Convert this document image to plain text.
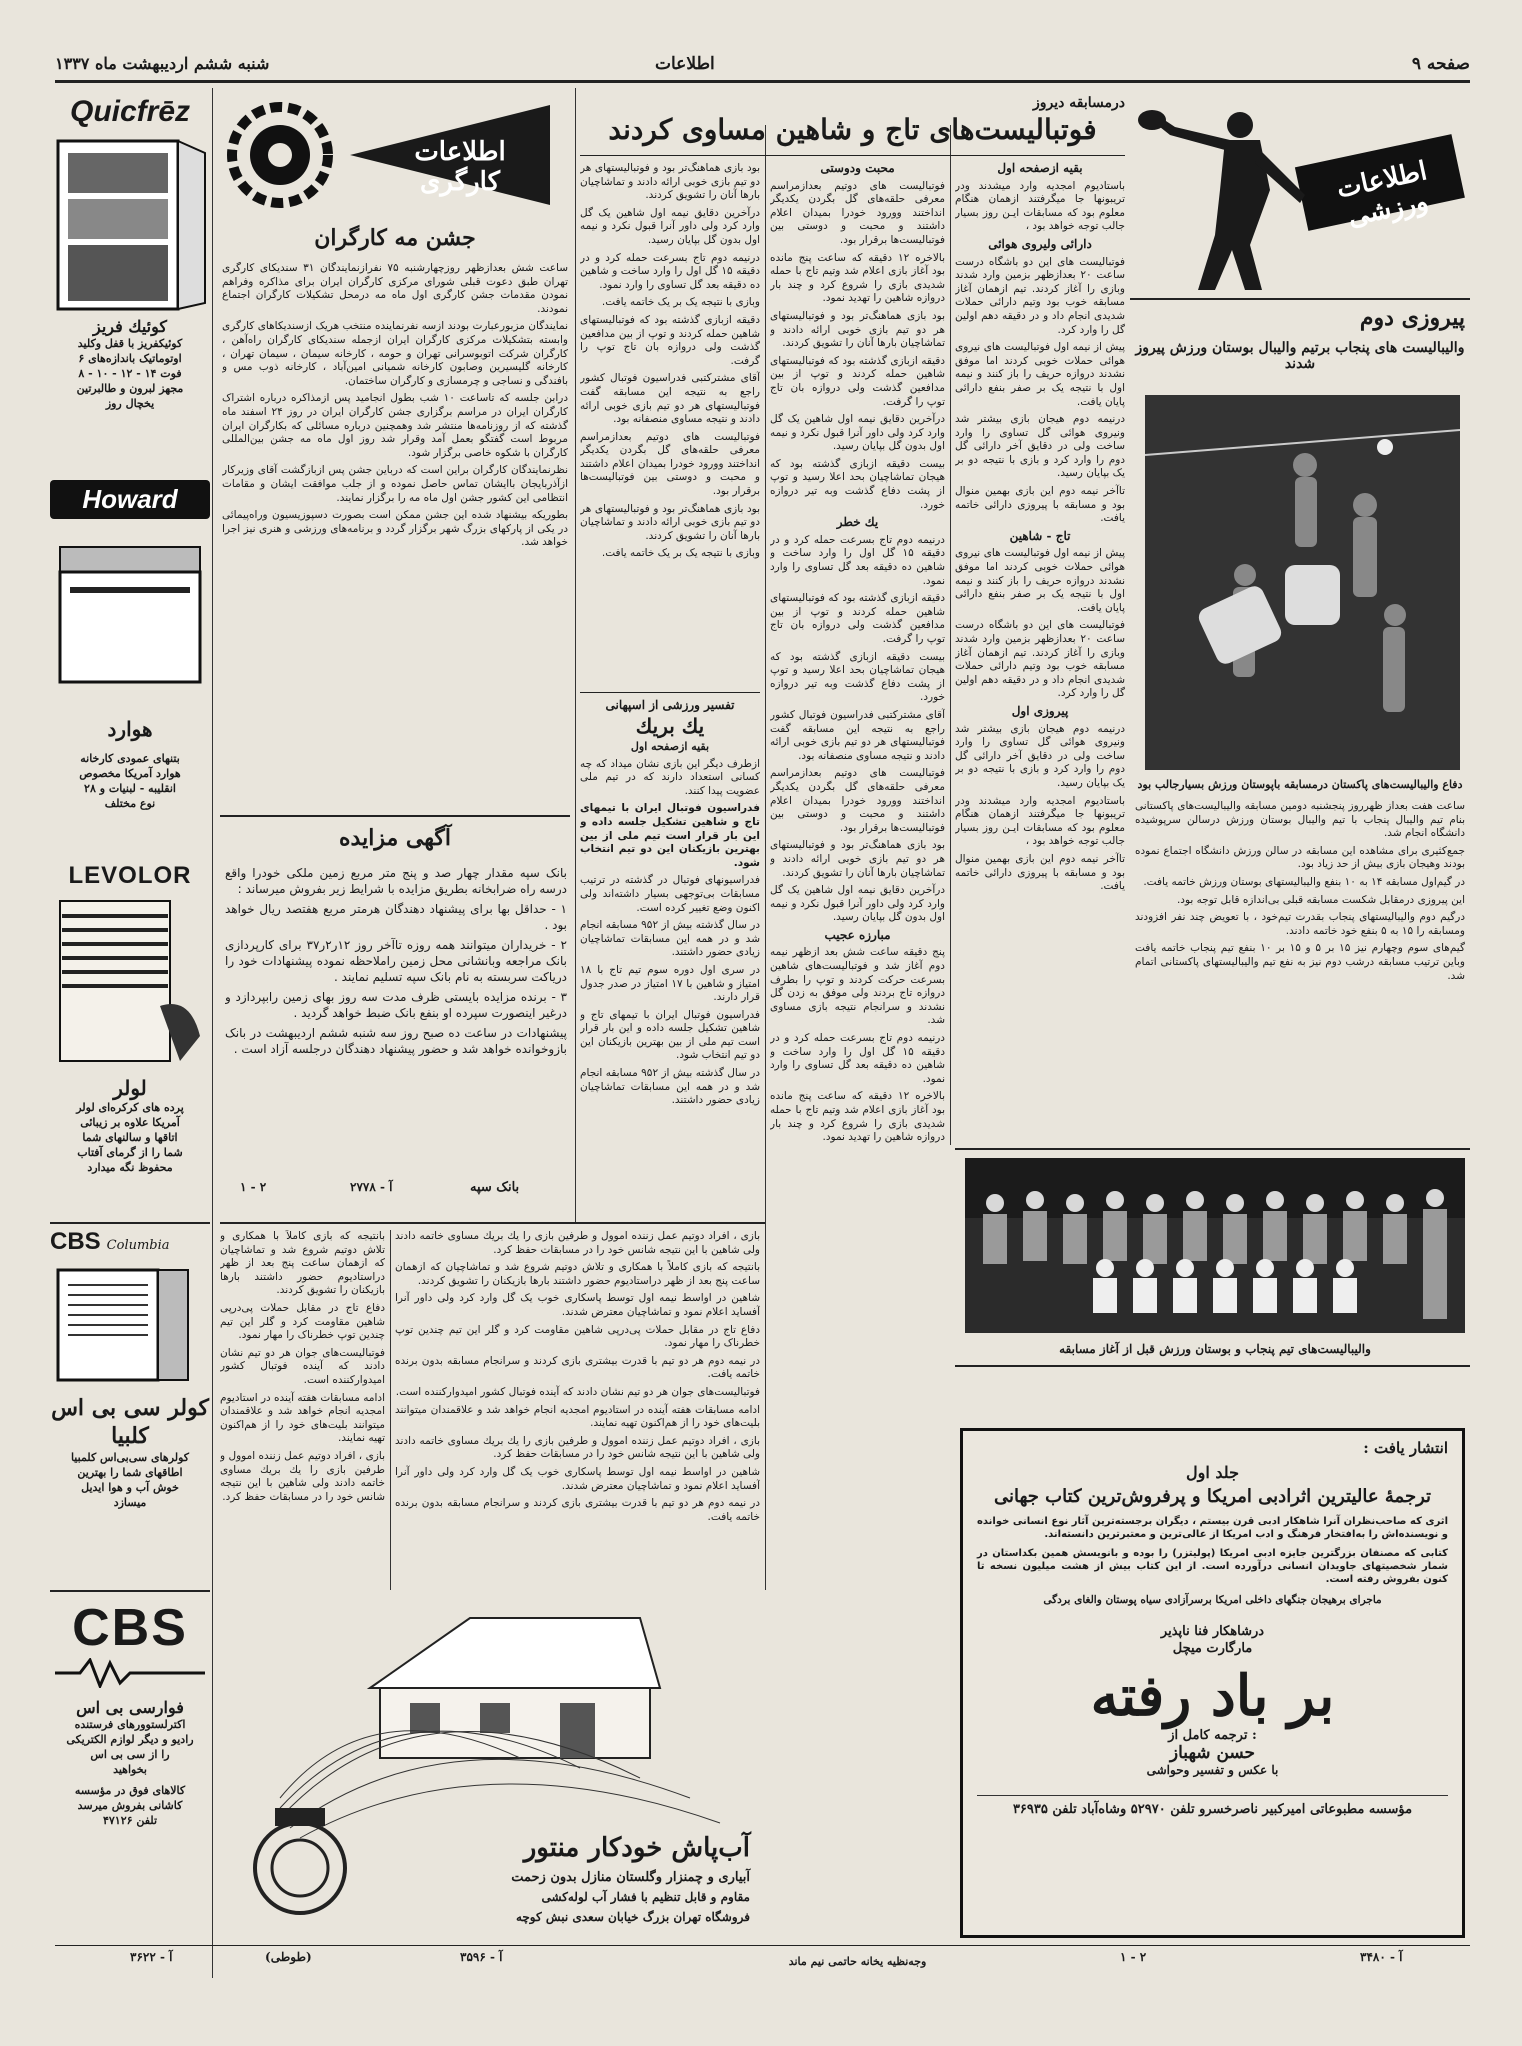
صفحه ۹
اطلاعات
شنبه ششم اردیبهشت ماه ۱۳۳۷
اطلاعات ورزشی
درمسابقه دیروز
فوتبالیست‌های تاج و شاهین مساوی کردند
بقیه ازصفحه اول

باستادیوم امجدیه وارد میشدند ودر تریبونها جا میگرفتند ازهمان هنگام معلوم بود که مسابقات ایـن روز بسیار جالب توجه خواهد بود ،

دارائی ولیروی هوائی

فوتبالیست های این دو باشگاه درست ساعت ۲۰ بعدازظهر بزمین وارد شدند وبازی را آغاز کردند. تیم ازهمان آغاز مسابقه خوب بود وتیم دارائی حملات شدیدی انجام داد و در دقیقه دهم اولین گل را وارد کرد.

پیش از نیمه اول فوتبالیست های نیروی هوائی حملات خوبی کردند اما موفق نشدند دروازه حریف را باز کنند و نیمه اول با نتیجه یک بر صفر بنفع دارائی پایان یافت.

درنیمه دوم هیجان بازی بیشتر شد ونیروی هوائی گل تساوی را وارد ساخت ولی در دقایق آخر دارائی گل دوم را وارد کرد و بازی با نتیجه دو بر یک بپایان رسید.

تاآخر نیمه دوم این بازی بهمین منوال بود و مسابقه با پیروزی دارائی خاتمه یافت.

تاج - شاهین

پیش از نیمه اول فوتبالیست های نیروی هوائی حملات خوبی کردند اما موفق نشدند دروازه حریف را باز کنند و نیمه اول با نتیجه یک بر صفر بنفع دارائی پایان یافت.

فوتبالیست های این دو باشگاه درست ساعت ۲۰ بعدازظهر بزمین وارد شدند وبازی را آغاز کردند. تیم ازهمان آغاز مسابقه خوب بود وتیم دارائی حملات شدیدی انجام داد و در دقیقه دهم اولین گل را وارد کرد.

پیروزی اول

درنیمه دوم هیجان بازی بیشتر شد ونیروی هوائی گل تساوی را وارد ساخت ولی در دقایق آخر دارائی گل دوم را وارد کرد و بازی با نتیجه دو بر یک بپایان رسید.

باستادیوم امجدیه وارد میشدند ودر تریبونها جا میگرفتند ازهمان هنگام معلوم بود که مسابقات ایـن روز بسیار جالب توجه خواهد بود ،

تاآخر نیمه دوم این بازی بهمین منوال بود و مسابقه با پیروزی دارائی خاتمه یافت.

محبت ودوستی

فوتبالیست های دوتیم بعدازمراسم معرفی حلقه‌های گل بگردن یکدیگر انداختند وورود خودرا بمیدان اعلام داشتند و محبت و دوستی بین فوتبالیست‌ها برقرار بود.

بالاخره ۱۲ دقیقه که ساعت پنج مانده بود آغاز بازی اعلام شد وتیم تاج با حمله شدیدی بازی را شروع کرد و چند بار دروازه شاهین را تهدید نمود.

بود بازی هماهنگ‌تر بود و فوتبالیستهای هر دو تیم بازی خوبی ارائه دادند و تماشاچیان بارها آنان را تشویق کردند.

دقیقه ازبازی گذشته بود که فوتبالیستهای شاهین حمله کردند و توپ از بین مدافعین گذشت ولی دروازه بان تاج توپ را گرفت.

درآخرین دقایق نیمه اول شاهین یک گل وارد کرد ولی داور آنرا قبول نکرد و نیمه اول بدون گل بپایان رسید.

بیست دقیقه ازبازی گذشته بود که هیجان تماشاچیان بحد اعلا رسید و توپ از پشت دفاع گذشت وبه تیر دروازه خورد.

یك خطر

درنیمه دوم تاج بسرعت حمله کرد و در دقیقه ۱۵ گل اول را وارد ساخت و شاهین ده دقیقه بعد گل تساوی را وارد نمود.

دقیقه ازبازی گذشته بود که فوتبالیستهای شاهین حمله کردند و توپ از بین مدافعین گذشت ولی دروازه بان تاج توپ را گرفت.

بیست دقیقه ازبازی گذشته بود که هیجان تماشاچیان بحد اعلا رسید و توپ از پشت دفاع گذشت وبه تیر دروازه خورد.

آقای مشترکتبی فدراسیون فوتبال کشور راجع به نتیجه این مسابقه گفت فوتبالیستهای هر دو تیم بازی خوبی ارائه دادند و نتیجه مساوی منصفانه بود.

فوتبالیست های دوتیم بعدازمراسم معرفی حلقه‌های گل بگردن یکدیگر انداختند وورود خودرا بمیدان اعلام داشتند و محبت و دوستی بین فوتبالیست‌ها برقرار بود.

بود بازی هماهنگ‌تر بود و فوتبالیستهای هر دو تیم بازی خوبی ارائه دادند و تماشاچیان بارها آنان را تشویق کردند.

درآخرین دقایق نیمه اول شاهین یک گل وارد کرد ولی داور آنرا قبول نکرد و نیمه اول بدون گل بپایان رسید.

مبارزه عجیب

پنج دقیقه ساعت شش بعد ازظهر نیمه دوم آغاز شد و فوتبالیست‌های شاهین بسرعت حرکت کردند و توپ را بطرف دروازه تاج بردند ولی موفق به زدن گل نشدند و سرانجام نتیجه بازی مساوی شد.

درنیمه دوم تاج بسرعت حمله کرد و در دقیقه ۱۵ گل اول را وارد ساخت و شاهین ده دقیقه بعد گل تساوی را وارد نمود.

بالاخره ۱۲ دقیقه که ساعت پنج مانده بود آغاز بازی اعلام شد وتیم تاج با حمله شدیدی بازی را شروع کرد و چند بار دروازه شاهین را تهدید نمود.

بود بازی هماهنگ‌تر بود و فوتبالیستهای هر دو تیم بازی خوبی ارائه دادند و تماشاچیان بارها آنان را تشویق کردند.

درآخرین دقایق نیمه اول شاهین یک گل وارد کرد ولی داور آنرا قبول نکرد و نیمه اول بدون گل بپایان رسید.

درنیمه دوم تاج بسرعت حمله کرد و در دقیقه ۱۵ گل اول را وارد ساخت و شاهین ده دقیقه بعد گل تساوی را وارد نمود.

وبازی با نتیجه یک بر یک خاتمه یافت.

دقیقه ازبازی گذشته بود که فوتبالیستهای شاهین حمله کردند و توپ از بین مدافعین گذشت ولی دروازه بان تاج توپ را گرفت.

آقای مشترکتبی فدراسیون فوتبال کشور راجع به نتیجه این مسابقه گفت فوتبالیستهای هر دو تیم بازی خوبی ارائه دادند و نتیجه مساوی منصفانه بود.

فوتبالیست های دوتیم بعدازمراسم معرفی حلقه‌های گل بگردن یکدیگر انداختند وورود خودرا بمیدان اعلام داشتند و محبت و دوستی بین فوتبالیست‌ها برقرار بود.

بود بازی هماهنگ‌تر بود و فوتبالیستهای هر دو تیم بازی خوبی ارائه دادند و تماشاچیان بارها آنان را تشویق کردند.

وبازی با نتیجه یک بر یک خاتمه یافت.

تفسیر ورزشی از اسپهانی
یك بریك
بقیه ازصفحه اول

ازطرف دیگر این بازی نشان میداد که چه کسانی استعداد دارند که در تیم ملی عضویت پیدا کنند.

فدراسیون فوتبال ایران با تیمهای تاج و شاهین تشکیل جلسه داده و این بار قرار است تیم ملی از بین بهترین بازیکنان این دو تیم انتخاب شود.

فدراسیونهای فوتبال در گذشته در ترتیب مسابقات بی‌توجهی بسیار داشته‌اند ولی اکنون وضع تغییر کرده است.

در سال گذشته بیش از ۹۵۲ مسابقه انجام شد و در همه این مسابقات تماشاچیان زیادی حضور داشتند.

در سری اول دوره سوم تیم تاج با ۱۸ امتیاز و شاهین با ۱۷ امتیاز در صدر جدول قرار دارند.

فدراسیون فوتبال ایران با تیمهای تاج و شاهین تشکیل جلسه داده و این بار قرار است تیم ملی از بین بهترین بازیکنان این دو تیم انتخاب شود.

در سال گذشته بیش از ۹۵۲ مسابقه انجام شد و در همه این مسابقات تماشاچیان زیادی حضور داشتند.

پیروزی دوم
والیبالیست های پنجاب برتیم والیبال بوستان ورزش پیروز شدند
دفاع والیبالیست‌های پاکستان درمسابقه باپوستان ورزش بسیارجالب بود

ساعت هفت بعداز ظهرروز پنجشنبه دومین مسابقه والیبالیست‌های پاکستانی بنام تیم والیبال پنجاب با تیم والیبال بوستان ورزش درسالن سرپوشیده دانشگاه انجام شد.

جمع‌کثیری برای مشاهده این مسابقه در سالن ورزش دانشگاه اجتماع نموده بودند وهیجان بازی بیش از حد زیاد بود.

در گیم‌اول مسابقه ۱۴ به ۱۰ بنفع والیبالیستهای بوستان ورزش خاتمه یافت.

این پیروزی درمقابل شکست مسابقه قبلی بی‌اندازه قابل توجه بود.

درگیم دوم والیبالیستهای پنجاب بقدرت تیم‌خود ، با تعویض چند نفر افزودند ومسابقه را ۱۵ به ۵ بنفع خود خاتمه دادند.

گیم‌های سوم وچهارم نیز ۱۵ بر ۵ و ۱۵ بر ۱۰ بنفع تیم پنجاب خاتمه یافت وباین ترتیب مسابقه درشب دوم نیز به نفع تیم والیبالیستهای پاکستانی اتمام شد.

والیبالیست‌های تیم پنجاب و بوستان ورزش قبل از آغاز مسابقه
انتشار یافت :
جلد اول
ترجمهٔ عالیترین اثرادبی امریکا و پرفروش‌ترین کتاب جهانی
اثری که صاحب‌نظران آنرا شاهکار ادبی قرن بیستم ، دیگران برجسته‌ترین آثار نوع انسانی خوانده و نویسنده‌اش را به‌افتخار فرهنگ و ادب امریکا از عالی‌ترین و معتبرترین دانسته‌اند.
کتابی که مصنفان بزرگترین جایزه ادبی امریکا (پولیتزر) را بوده و بانویسش همین بکداستان در شمار شخصیتهای جاویدان انسانی درآورده است. از این کتاب بیش از هشت میلیون نسخه تا کنون بفروش رفته است.
ماجرای برهیجان جنگهای داخلی امریکا برسرآزادی سیاه پوستان والغای بردگی
درشاهکار فنا ناپذیر
مارگارت میچل
بر باد رفته
ترجمه کامل از :
حسن شهباز
با عکس و تفسیر وحواشی
مؤسسه مطبوعاتی امیرکبیر ناصرخسرو تلفن ۵۲۹۷۰ وشاه‌آباد تلفن ۳۶۹۳۵
آ - ۳۴۸۰
۱ - ۲
اطلاعات کارگری
جشن مه کارگران

ساعت شش بعدازظهر روزچهارشنبه ۷۵ نفرازنمایندگان ۳۱ سندیکای کارگری تهران طبق دعوت قبلی شورای مرکزی کارگران ایران برای مذاکره وفراهم نمودن مقدمات جشن کارگری اول ماه مه درمحل تشکیلات کارگران اجتماع نمودند.

نمایندگان مزبورعبارت بودند ازسه نفرنماینده منتخب هریک ازسندیکاهای کارگری وابسته بتشکیلات مرکزی کارگران ایران ازجمله سندیکای کارگران راه‌آهن ، کارگران شرکت اتوبوسرانی تهران و حومه ، کارخانه سیمان ، سیمان تهران ، کارخانه گلیسیرین وصابون کارخانه شمیانی امین‌آباد ، کارخانه ذوب مس و بافندگی و نساجی و چرمسازی و کارگران ساختمان.

درابن جلسه که تاساعت ۱۰ شب بطول انجامید پس ازمذاکره درباره اشتراک کارگران ایران در مراسم برگزاری جشن کارگران ایران در روز ۲۴ اسفند ماه گذشته که از روزنامه‌ها منتشر شد وهمچنین درباره مسائلی که بکارگران ایران مربوط است گفتگو بعمل آمد وقرار شد روز اول ماه مه جشن بین‌المللی کارگران با شکوه خاصی برگزار شود.

نظرنمایندگان کارگران براین است که درباین جشن پس ازبازگشت آقای وزیرکار ازآذربایجان باایشان تماس حاصل نموده و از جلب موافقت ایشان و مقامات انتظامی این کشور جشن اول ماه مه را برگزار نمایند.

بطوریکه بیشنهاد شده این جشن ممکن است بصورت دسپوزیسیون وراه‌پیمائی در یکی از پارکهای بزرگ شهر برگزار گردد و برنامه‌های ورزشی و هنری نیز اجرا خواهد شد.

آگهی مزایده

بانک سپه مقدار چهار صد و پنج متر مربع زمین ملکی خودرا واقع درسه راه ضرابخانه بطریق مزایده با شرایط زیر بفروش میرساند :

۱ - حداقل بها برای پیشنهاد دهندگان هرمتر مربع هفتصد ریال خواهد بود .

۲ - خریداران میتوانند همه روزه تاآخر روز ۱۲ر۲ر۳۷ برای کارپردازی بانک مراجعه وبانشانی محل زمین راملاحظه نموده پیشنهادات خود را دریاکت سربسته به نام بانک سپه تسلیم نمایند .

۳ - برنده مزایده بایستی ظرف مدت سه روز بهای زمین رابپردازد و درغیر اینصورت سپرده او بنفع بانک ضبط خواهد گردید .

پیشنهادات در ساعت ده صبح روز سه شنبه ششم اردیبهشت در بانک بازوخوانده خواهد شد و حضور پیشنهاد دهندگان درجلسه آزاد است .

۱ - ۲	آ - ۲۷۷۸	بانک سپه

بازی ، افراد دوتیم عمل زننده اموول و طرفین بازی را یك بریك مساوی خاتمه دادند ولی شاهین با این نتیجه شانس خود را در مسابقات حفظ کرد.

بانتیجه که بازی کاملاً با همکاری و تلاش دوتیم شروع شد و تماشاچیان که ازهمان ساعت پنج بعد از ظهر دراستادیوم حضور داشتند بارها بازیکنان را تشویق کردند.

شاهین در اواسط نیمه اول توسط پاسکاری خوب یک گل وارد کرد ولی داور آنرا آفساید اعلام نمود و تماشاچیان معترض شدند.

دفاع تاج در مقابل حملات پی‌درپی شاهین مقاومت کرد و گلر این تیم چندین توپ خطرناک را مهار نمود.

در نیمه دوم هر دو تیم با قدرت بیشتری بازی کردند و سرانجام مسابقه بدون برنده خاتمه یافت.

فوتبالیست‌های جوان هر دو تیم نشان دادند که آینده فوتبال کشور امیدوارکننده است.

ادامه مسابقات هفته آینده در استادیوم امجدیه انجام خواهد شد و علاقمندان میتوانند بلیت‌های خود را از هم‌اکنون تهیه نمایند.

بازی ، افراد دوتیم عمل زننده اموول و طرفین بازی را یك بریك مساوی خاتمه دادند ولی شاهین با این نتیجه شانس خود را در مسابقات حفظ کرد.

شاهین در اواسط نیمه اول توسط پاسکاری خوب یک گل وارد کرد ولی داور آنرا آفساید اعلام نمود و تماشاچیان معترض شدند.

در نیمه دوم هر دو تیم با قدرت بیشتری بازی کردند و سرانجام مسابقه بدون برنده خاتمه یافت.

بانتیجه که بازی کاملاً با همکاری و تلاش دوتیم شروع شد و تماشاچیان که ازهمان ساعت پنج بعد از ظهر دراستادیوم حضور داشتند بارها بازیکنان را تشویق کردند.

دفاع تاج در مقابل حملات پی‌درپی شاهین مقاومت کرد و گلر این تیم چندین توپ خطرناک را مهار نمود.

فوتبالیست‌های جوان هر دو تیم نشان دادند که آینده فوتبال کشور امیدوارکننده است.

ادامه مسابقات هفته آینده در استادیوم امجدیه انجام خواهد شد و علاقمندان میتوانند بلیت‌های خود را از هم‌اکنون تهیه نمایند.

بازی ، افراد دوتیم عمل زننده اموول و طرفین بازی را یك بریك مساوی خاتمه دادند ولی شاهین با این نتیجه شانس خود را در مسابقات حفظ کرد.

وجه‌نظیه‌ یخانه حاتمی نیم ماند
آب‌پاش خودکار منتور
آبیاری و چمنزار وگلستان منازل بدون زحمت
مقاوم و قابل تنظیم با فشار آب لوله‌کشی
فروشگاه تهران بزرگ خیابان سعدی نبش کوچه
آ - ۳۵۹۶
(طوطی)
Quicfrēz
کوئیك فریز
کوئیکفریز با قفل وکلید
اوتوماتیک باندازه‌های ۶
۸ - ۱۰ - ۱۲ - ۱۴ فوت
مجهز لبرون و طالبرتین
یخچال روز
Howard
هوارد
بتنهای عمودی کارخانه
هوارد آمریکا مخصوص
انقلیبه - لبنیات و ۲۸
نوع مختلف
LEVOLOR
لولر
پرده های کرکره‌ای لولر
آمریکا علاوه بر زیبائی
اتاقها و سالنهای شما
شما را از گرمای آفتاب
محفوظ نگه میدارد
CBS Columbia
کولر سی بی اس کلبیا
کولرهای سی‌بی‌اس کلمبیا
اطاقهای شما را بهترین
خوش آب و هوا ایدیل
میسازد
CBS
فوارسی بی اس
اکترلستوورهای فرستنده
رادیو و دیگر لوازم الکتریکی
را از سی بی اس
بخواهید
کالاهای فوق در مؤسسه
کاشانی بفروش میرسد
تلفن ۴۷۱۲۶
آ - ۳۶۲۲
